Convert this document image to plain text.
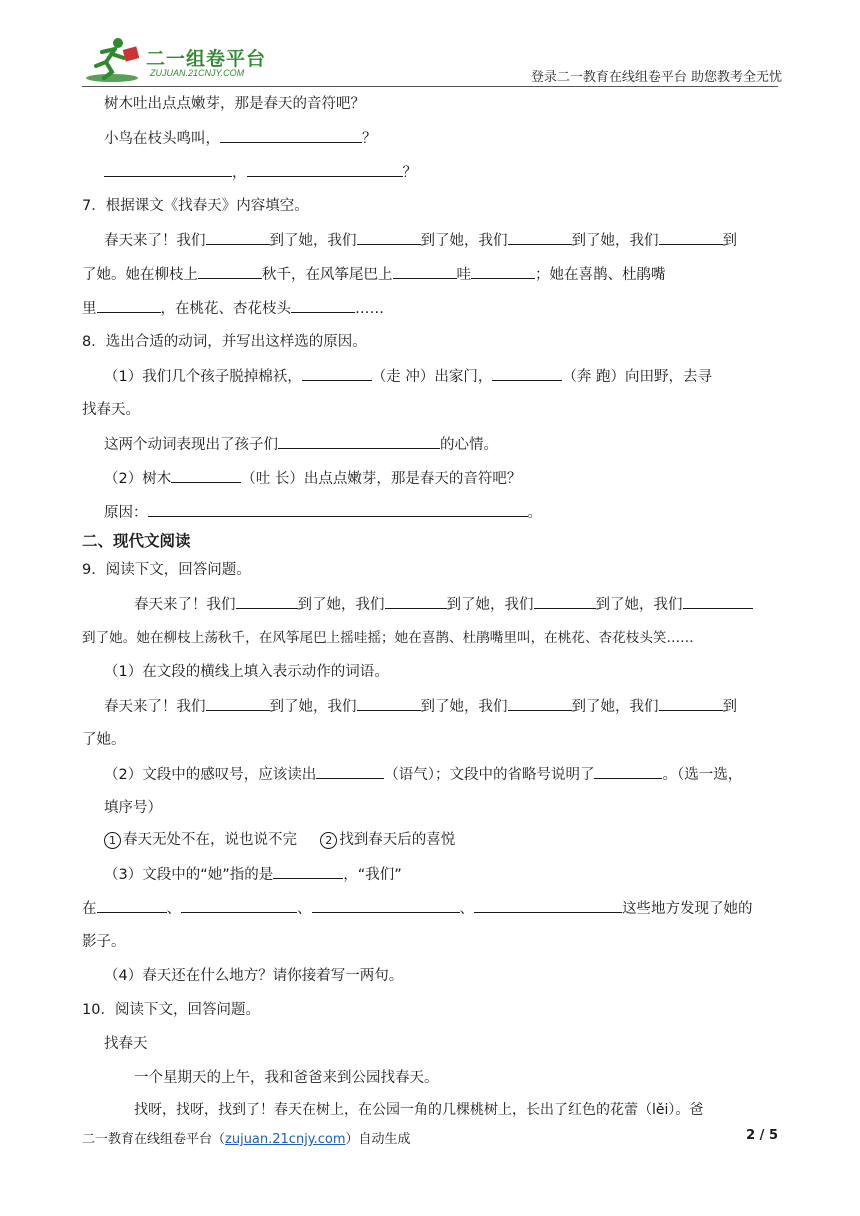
二一组卷平台
ZUJUAN.21CNJY.COM	登录二一教育在线组卷平台 助您教考全无忧
树木吐出点点嫩芽，那是春天的音符吧？
小鸟在枝头鸣叫，	？
，	？
7．根据课文《找春天》内容填空。
春天来了！我们	到了她，我们	到了她，我们	到了她，我们	到
了她。她在柳枝上	秋千，在风筝尾巴上	哇	；她在喜鹊、杜鹃嘴
里	，在桃花、杏花枝头	……
8．选出合适的动词，并写出这样选的原因。
（1）我们几个孩子脱掉棉袄，	（走 冲）出家门，	（奔 跑）向田野，去寻
找春天。
这两个动词表现出了孩子们	的心情。
（2）树木	（吐 长）出点点嫩芽，那是春天的音符吧？
原因：	。
二、现代文阅读
9．阅读下文，回答问题。
春天来了！我们	到了她，我们	到了她，我们	到了她，我们
到了她。她在柳枝上荡秋千，在风筝尾巴上摇哇摇；她在喜鹊、杜鹃嘴里叫，在桃花、杏花枝头笑……
（1）在文段的横线上填入表示动作的词语。
春天来了！我们	到了她，我们	到了她，我们	到了她，我们	到
了她。
（2）文段中的感叹号，应该读出	（语气）；文段中的省略号说明了	。（选一选，
填序号）
1 春天无处不在，说也说不完	2 找到春天后的喜悦
（3）文段中的“她”指的是	，“我们”
在	、	、	、	这些地方发现了她的
影子。
（4）春天还在什么地方？请你接着写一两句。
10．阅读下文，回答问题。
找春天
一个星期天的上午，我和爸爸来到公园找春天。
找呀，找呀，找到了！春天在树上，在公园一角的几棵桃树上，长出了红色的花蕾（lěi）。爸
二一教育在线组卷平台（zujuan.21cnjy.com）自动生成	2 / 5
